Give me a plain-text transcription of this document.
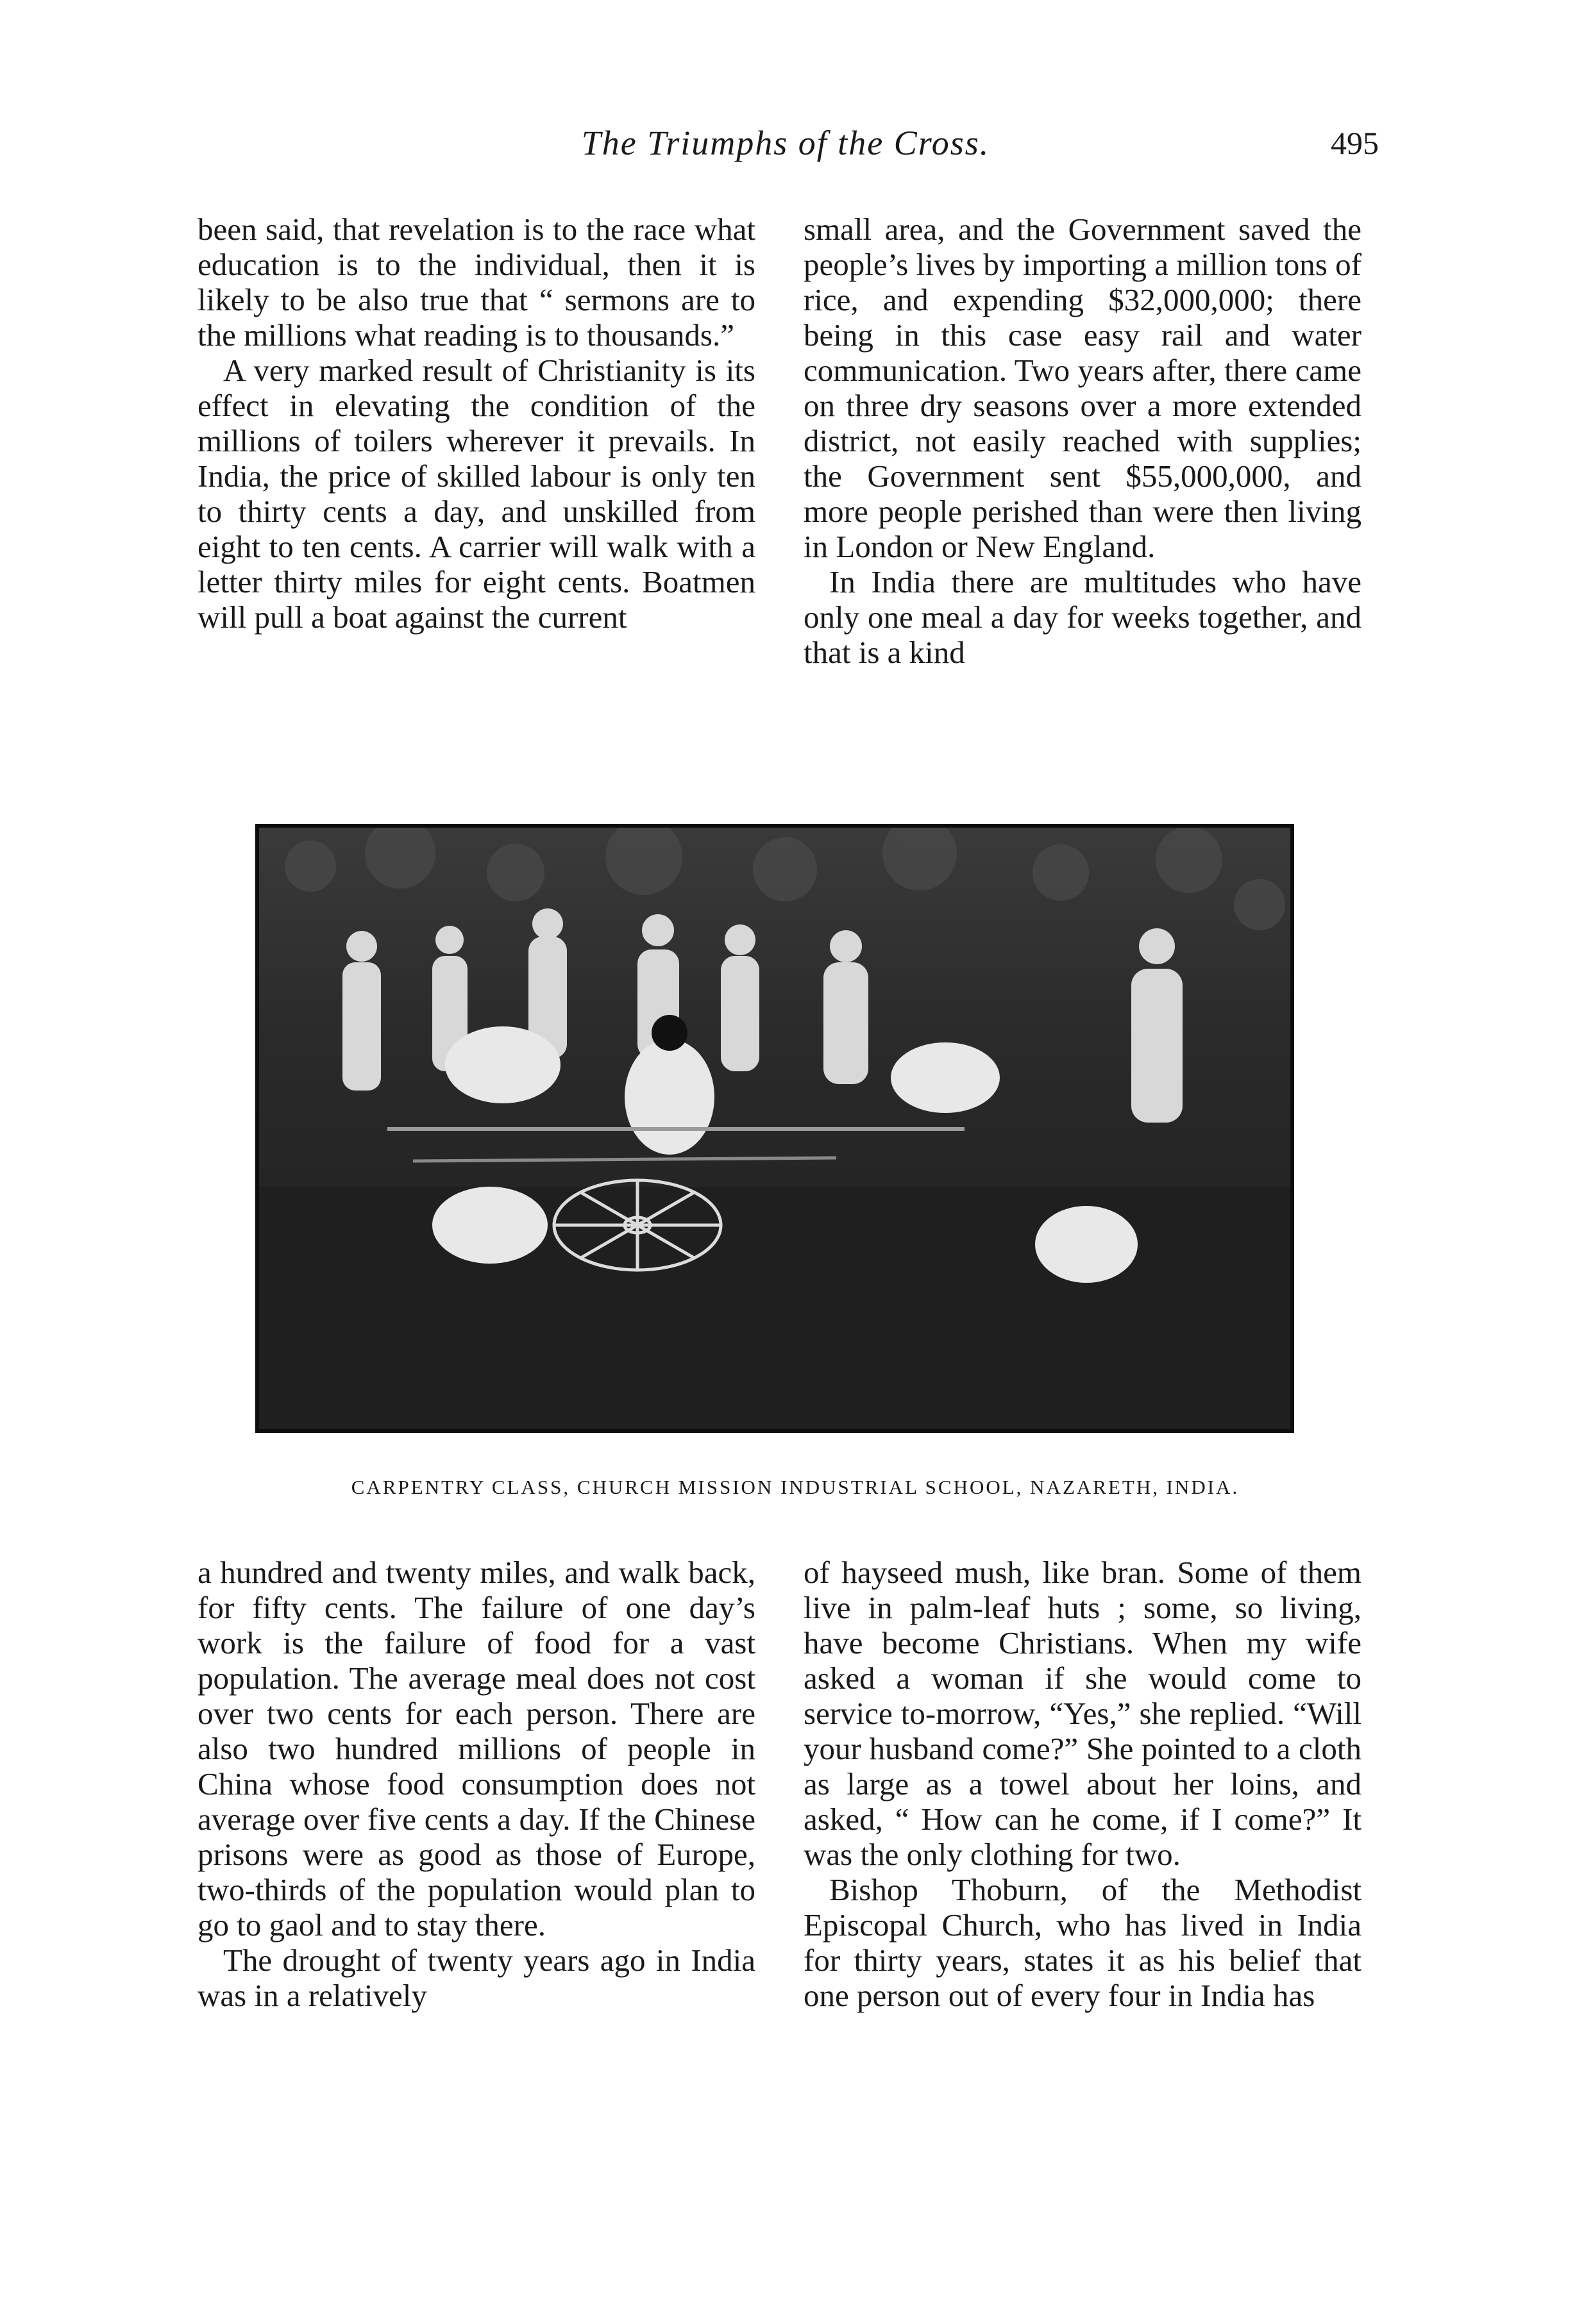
The Triumphs of the Cross.	495

been said, that revelation is to the race what education is to the individual, then it is likely to be also true that “ sermons are to the millions what reading is to thousands.”

A very marked result of Christianity is its effect in elevating the condition of the millions of toilers wherever it prevails. In India, the price of skilled labour is only ten to thirty cents a day, and unskilled from eight to ten cents. A carrier will walk with a letter thirty miles for eight cents. Boatmen will pull a boat against the current

small area, and the Government saved the people’s lives by importing a million tons of rice, and expending $32,000,000; there being in this case easy rail and water communication. Two years after, there came on three dry seasons over a more extended district, not easily reached with supplies; the Government sent $55,000,000, and more people perished than were then living in London or New England.

In India there are multitudes who have only one meal a day for weeks together, and that is a kind

CARPENTRY CLASS, CHURCH MISSION INDUSTRIAL SCHOOL, NAZARETH, INDIA.

a hundred and twenty miles, and walk back, for fifty cents. The failure of one day’s work is the failure of food for a vast population. The average meal does not cost over two cents for each person. There are also two hundred millions of people in China whose food consumption does not average over five cents a day. If the Chinese prisons were as good as those of Europe, two-thirds of the population would plan to go to gaol and to stay there.

The drought of twenty years ago in India was in a relatively

of hayseed mush, like bran. Some of them live in palm-leaf huts ; some, so living, have become Christians. When my wife asked a woman if she would come to service to-morrow, “Yes,” she replied. “Will your husband come?” She pointed to a cloth as large as a towel about her loins, and asked, “ How can he come, if I come?” It was the only clothing for two.

Bishop Thoburn, of the Methodist Episcopal Church, who has lived in India for thirty years, states it as his belief that one person out of every four in India has
